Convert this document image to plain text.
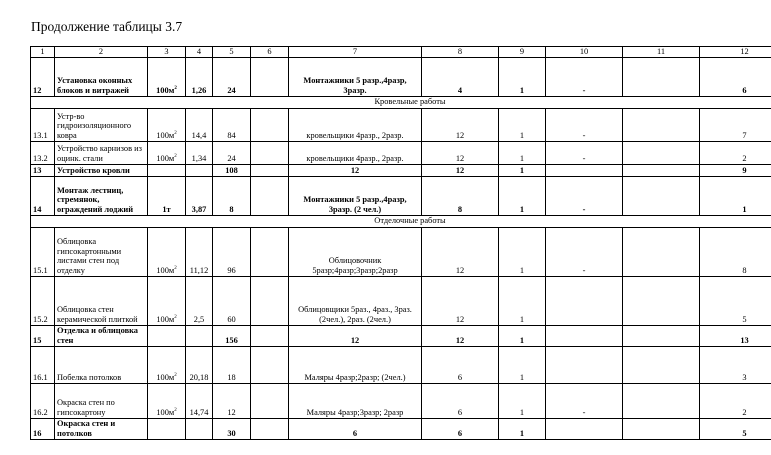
Продолжение таблицы 3.7
1	2	3	4	5	6	7	8	9	10	11	12
12	Установка оконных блоков и витражей	$100м^2$	1,26	24		Монтажники 5 разр.,4разр, 3разр.	4	1	-		6
Кровельные работы											
13.1	Устр-во гидроизоляционного ковра	$100м^2$	14,4	84		кровельщики 4разр., 2разр.	12	1	-		7
13.2	Устройство карнизов из оцинк. стали	$100м^2$	1,34	24		кровельщики 4разр., 2разр.	12	1	-		2
13	Устройство кровли			108		12	12	1			9
14	Монтаж лестниц, стремянок, ограждений лоджий	1т	3,87	8		Монтажники 5 разр.,4разр, 3разр. (2 чел.)	8	1	-		1
Отделочные работы											
15.1	Облицовка гипсокартонными листами стен под отделку	$100м^2$	11,12	96		Облицовочник 5разр;4разр;3разр;2разр	12	1	-		8
15.2	Облицовка стен керамической плиткой	$100м^2$	2,5	60		Облицовщики 5раз., 4раз., 3раз. (2чел.), 2раз. (2чел.)	12	1			5
15	Отделка и облицовка стен			156		12	12	1			13
16.1	Побелка потолков	$100м^2$	20,18	18		Маляры 4разр;2разр; (2чел.)	6	1			3
16.2	Окраска стен по гипсокартону	$100м^2$	14,74	12		Маляры 4разр;3разр; 2разр	6	1	-		2
16	Окраска стен и потолков			30		6	6	1			5
